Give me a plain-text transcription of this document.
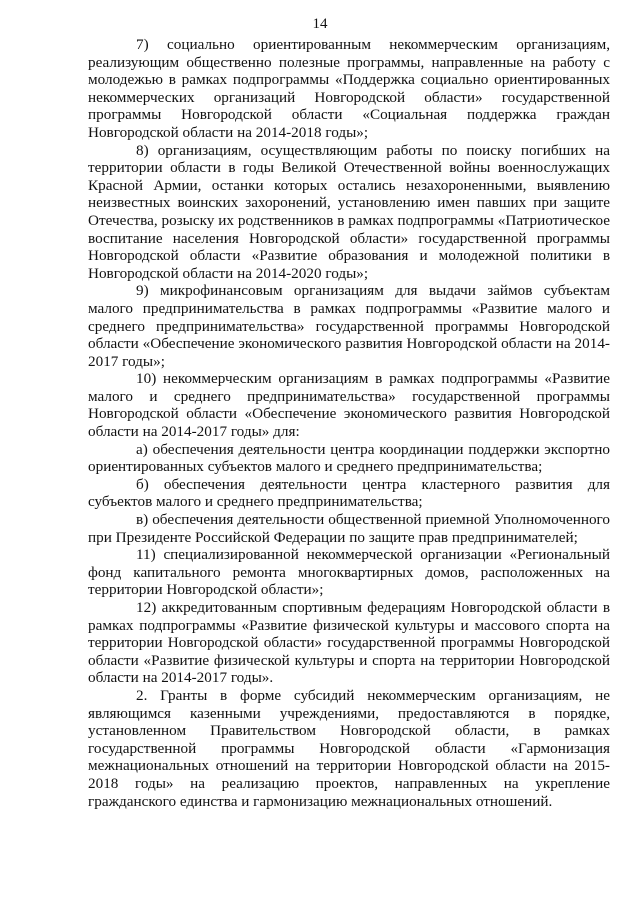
14

7) социально ориентированным некоммерческим организациям, реализующим общественно полезные программы, направленные на работу с молодежью в рамках подпрограммы «Поддержка социально ориентированных некоммерческих организаций Новгородской области» государственной программы Новгородской области «Социальная поддержка граждан Новгородской области на 2014-2018 годы»;

8) организациям, осуществляющим работы по поиску погибших на территории области в годы Великой Отечественной войны военнослужащих Красной Армии, останки которых остались незахороненными, выявлению неизвестных воинских захоронений, установлению имен павших при защите Отечества, розыску их родственников в рамках подпрограммы «Патриотическое воспитание населения Новгородской области» государственной программы Новгородской области «Развитие образования и молодежной политики в Новгородской области на 2014-2020 годы»;

9) микрофинансовым организациям для выдачи займов субъектам малого предпринимательства в рамках подпрограммы «Развитие малого и среднего предпринимательства» государственной программы Новгородской области «Обеспечение экономического развития Новгородской области на 2014-2017 годы»;

10) некоммерческим организациям в рамках подпрограммы «Развитие малого и среднего предпринимательства» государственной программы Новгородской области «Обеспечение экономического развития Новгородской области на 2014-2017 годы» для:

а) обеспечения деятельности центра координации поддержки экспортно ориентированных субъектов малого и среднего предпринимательства;

б) обеспечения деятельности центра кластерного развития для субъектов малого и среднего предпринимательства;

в) обеспечения деятельности общественной приемной Уполномоченного при Президенте Российской Федерации по защите прав предпринимателей;

11) специализированной некоммерческой организации «Региональный фонд капитального ремонта многоквартирных домов, расположенных на территории Новгородской области»;

12) аккредитованным спортивным федерациям Новгородской области в рамках подпрограммы «Развитие физической культуры и массового спорта на территории Новгородской области» государственной программы Новгородской области «Развитие физической культуры и спорта на территории Новгородской области на 2014-2017 годы».

2. Гранты в форме субсидий некоммерческим организациям, не являющимся казенными учреждениями, предоставляются в порядке, установленном Правительством Новгородской области, в рамках государственной программы Новгородской области «Гармонизация межнациональных отношений на территории Новгородской области на 2015-2018 годы» на реализацию проектов, направленных на укрепление гражданского единства и гармонизацию межнациональных отношений.
